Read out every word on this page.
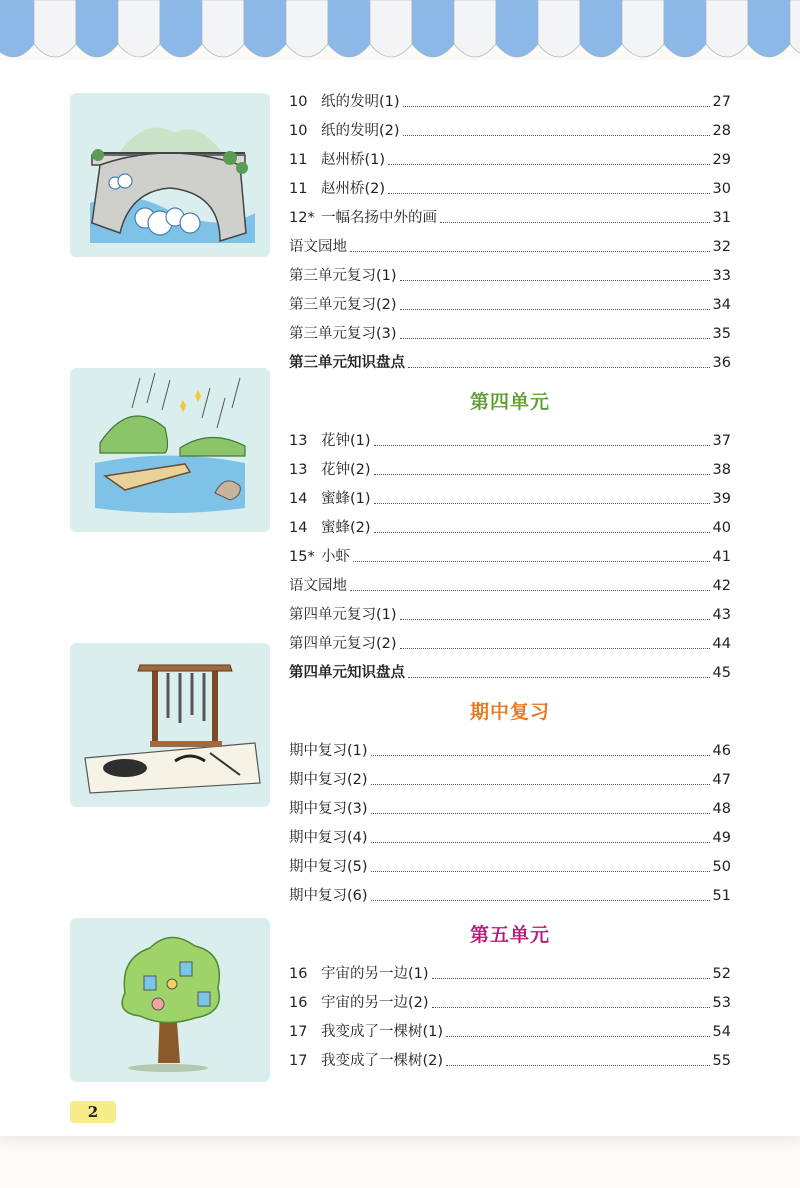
10 纸的发明(1)	27
10 纸的发明(2)	28
11 赵州桥(1)	29
11 赵州桥(2)	30
12* 一幅名扬中外的画	31
语文园地	32
第三单元复习(1)	33
第三单元复习(2)	34
第三单元复习(3)	35
第三单元知识盘点	36
第四单元
13 花钟(1)	37
13 花钟(2)	38
14 蜜蜂(1)	39
14 蜜蜂(2)	40
15* 小虾	41
语文园地	42
第四单元复习(1)	43
第四单元复习(2)	44
第四单元知识盘点	45
期中复习
期中复习(1)	46
期中复习(2)	47
期中复习(3)	48
期中复习(4)	49
期中复习(5)	50
期中复习(6)	51
第五单元
16 宇宙的另一边(1)	52
16 宇宙的另一边(2)	53
17 我变成了一棵树(1)	54
17 我变成了一棵树(2)	55
2
